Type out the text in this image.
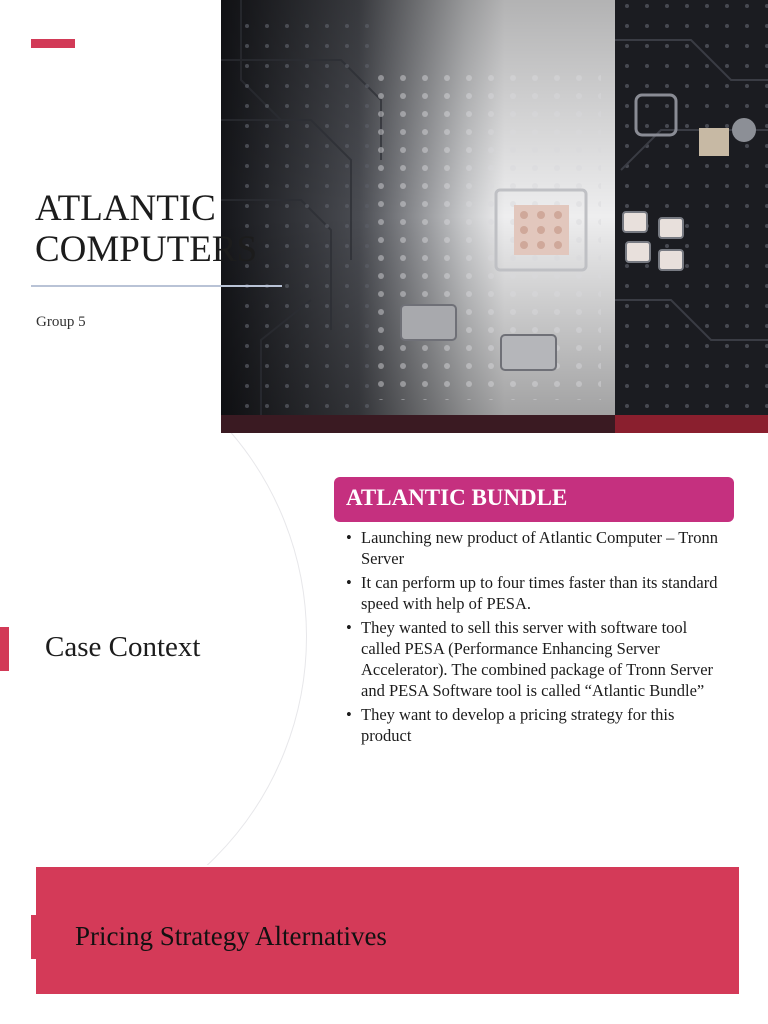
ATLANTIC
COMPUTERS
Group 5
Case Context
ATLANTIC BUNDLE
• Launching new product of Atlantic Computer – Tronn Server
• It can perform up to four times faster than its standard speed with help of PESA.
• They wanted to sell this server with software tool called PESA (Performance Enhancing Server Accelerator). The combined package of Tronn Server and PESA Software tool is called “Atlantic Bundle”
• They want to develop a pricing strategy for this product
Pricing Strategy Alternatives
